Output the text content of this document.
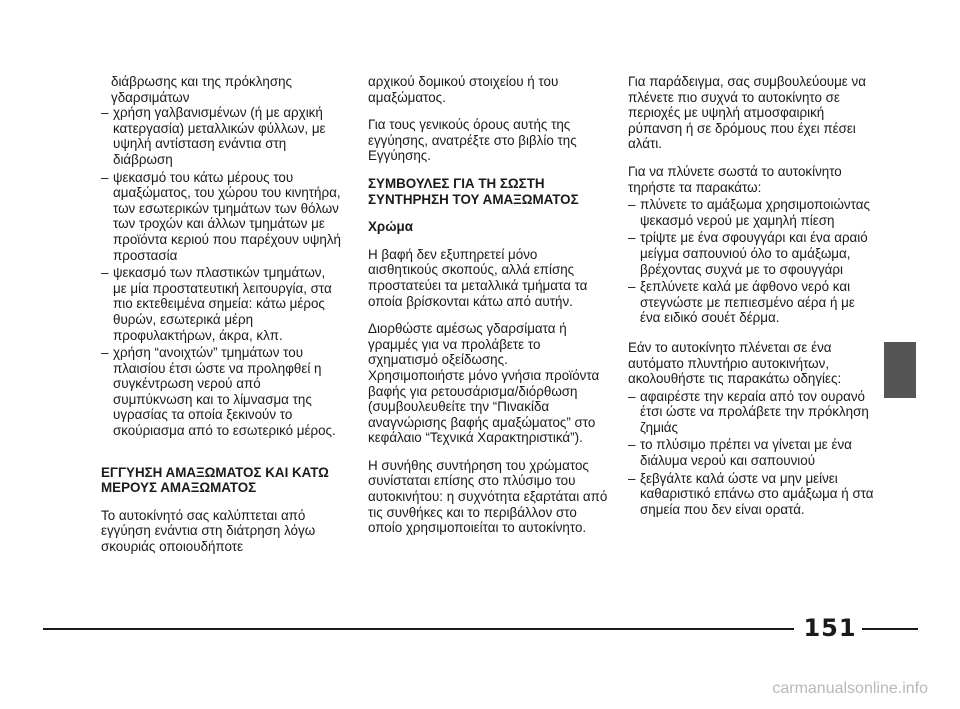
διάβρωσης και της πρόκλησης
γδαρσιμάτων

– χρήση γαλβανισμένων (ή με αρχική κατεργασία) μεταλλικών φύλλων, με υψηλή αντίσταση ενάντια στη διάβρωση
– ψεκασμό του κάτω μέρους του αμαξώματος, του χώρου του κινητήρα, των εσωτερικών τμημάτων των θόλων των τροχών και άλλων τμημάτων με προϊόντα κεριού που παρέχουν υψηλή προστασία
– ψεκασμό των πλαστικών τμημάτων, με μία προστατευτική λειτουργία, στα πιο εκτεθειμένα σημεία: κάτω μέρος θυρών, εσωτερικά μέρη προφυλακτήρων, άκρα, κλπ.
– χρήση “ανοιχτών” τμημάτων του πλαισίου έτσι ώστε να προληφθεί η συγκέντρωση νερού από συμπύκνωση και το λίμνασμα της υγρασίας τα οποία ξεκινούν το σκούριασμα από το εσωτερικό μέρος.

ΕΓΓΥΗΣΗ ΑΜΑΞΩΜΑΤΟΣ ΚΑΙ ΚΑΤΩ ΜΕΡΟΥΣ ΑΜΑΞΩΜΑΤΟΣ

Το αυτοκίνητό σας καλύπτεται από εγγύηση ενάντια στη διάτρηση λόγω σκουριάς οποιουδήποτε

αρχικού δομικού στοιχείου ή του αμαξώματος.

Για τους γενικούς όρους αυτής της εγγύησης, ανατρέξτε στο βιβλίο της Εγγύησης.

ΣΥΜΒΟΥΛΕΣ ΓΙΑ ΤΗ ΣΩΣΤΗ ΣΥΝΤΗΡΗΣΗ ΤΟΥ ΑΜΑΞΩΜΑΤΟΣ

Χρώμα

Η βαφή δεν εξυπηρετεί μόνο αισθητικούς σκοπούς, αλλά επίσης προστατεύει τα μεταλλικά τμήματα τα οποία βρίσκονται κάτω από αυτήν.

Διορθώστε αμέσως γδαρσίματα ή γραμμές για να προλάβετε το σχηματισμό οξείδωσης. Χρησιμοποιήστε μόνο γνήσια προϊόντα βαφής για ρετουσάρισμα/διόρθωση (συμβουλευθείτε την “Πινακίδα αναγνώρισης βαφής αμαξώματος” στο κεφάλαιο “Τεχνικά Χαρακτηριστικά”).

Η συνήθης συντήρηση του χρώματος συνίσταται επίσης στο πλύσιμο του αυτοκινήτου: η συχνότητα εξαρτάται από τις συνθήκες και το περιβάλλον στο οποίο χρησιμοποιείται το αυτοκίνητο.

Για παράδειγμα, σας συμβουλεύουμε να πλένετε πιο συχνά το αυτοκίνητο σε περιοχές με υψηλή ατμοσφαιρική ρύπανση ή σε δρόμους που έχει πέσει αλάτι.

Για να πλύνετε σωστά το αυτοκίνητο τηρήστε τα παρακάτω:

– πλύνετε το αμάξωμα χρησιμοποιώντας ψεκασμό νερού με χαμηλή πίεση
– τρίψτε με ένα σφουγγάρι και ένα αραιό μείγμα σαπουνιού όλο το αμάξωμα, βρέχοντας συχνά με το σφουγγάρι
– ξεπλύνετε καλά με άφθονο νερό και στεγνώστε με πεπιεσμένο αέρα ή με ένα ειδικό σουέτ δέρμα.

Εάν το αυτοκίνητο πλένεται σε ένα αυτόματο πλυντήριο αυτοκινήτων, ακολουθήστε τις παρακάτω οδηγίες:

– αφαιρέστε την κεραία από τον ουρανό έτσι ώστε να προλάβετε την πρόκληση ζημιάς
– το πλύσιμο πρέπει να γίνεται με ένα διάλυμα νερού και σαπουνιού
– ξεβγάλτε καλά ώστε να μην μείνει καθαριστικό επάνω στο αμάξωμα ή στα σημεία που δεν είναι ορατά.
151
carmanualsonline.info
